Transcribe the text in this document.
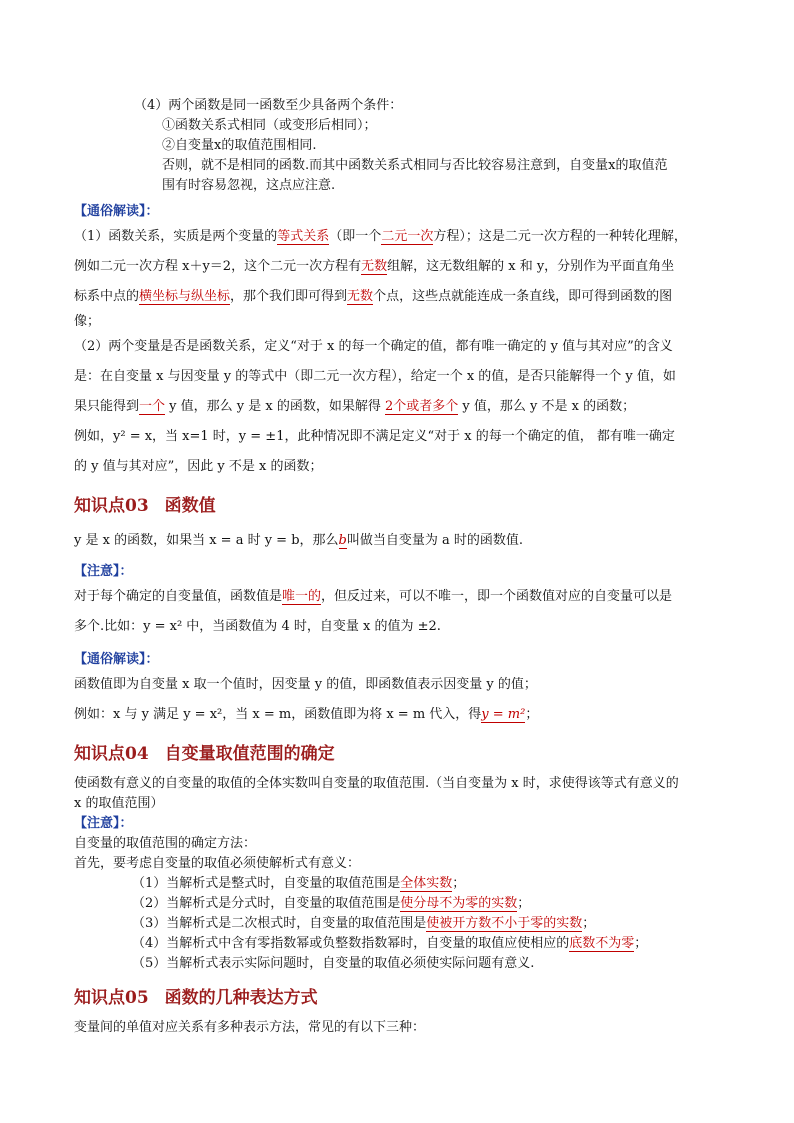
（4）两个函数是同一函数至少具备两个条件：
①函数关系式相同（或变形后相同）；
②自变量x的取值范围相同.
否则，就不是相同的函数.而其中函数关系式相同与否比较容易注意到，自变量x的取值范
围有时容易忽视，这点应注意.
【通俗解读】：
（1）函数关系，实质是两个变量的等式关系（即一个二元一次方程）；这是二元一次方程的一种转化理解，
例如二元一次方程 x＋y＝2，这个二元一次方程有无数组解，这无数组解的 x 和 y，分别作为平面直角坐
标系中点的横坐标与纵坐标，那个我们即可得到无数个点，这些点就能连成一条直线，即可得到函数的图
像；
（2）两个变量是否是函数关系，定义“对于 x 的每一个确定的值，都有唯一确定的 y 值与其对应”的含义
是：在自变量 x 与因变量 y 的等式中（即二元一次方程），给定一个 x 的值，是否只能解得一个 y 值，如
果只能得到一个 y 值，那么 y 是 x 的函数，如果解得 2个或者多个 y 值，那么 y 不是 x 的函数；
例如，y² = x，当 x=1 时，y = ±1，此种情况即不满足定义“对于 x 的每一个确定的值， 都有唯一确定
的 y 值与其对应”，因此 y 不是 x 的函数；
知识点03 函数值
y 是 x 的函数，如果当 x = a 时 y = b，那么b叫做当自变量为 a 时的函数值.
【注意】：
对于每个确定的自变量值，函数值是唯一的，但反过来，可以不唯一，即一个函数值对应的自变量可以是
多个.比如：y = x² 中，当函数值为 4 时，自变量 x 的值为 ±2.
【通俗解读】：
函数值即为自变量 x 取一个值时，因变量 y 的值，即函数值表示因变量 y 的值；
例如：x 与 y 满足 y = x²，当 x = m，函数值即为将 x = m 代入，得y = m²；
知识点04 自变量取值范围的确定
使函数有意义的自变量的取值的全体实数叫自变量的取值范围.（当自变量为 x 时，求使得该等式有意义的
x 的取值范围）
【注意】：
自变量的取值范围的确定方法：
首先，要考虑自变量的取值必须使解析式有意义：
（1）当解析式是整式时，自变量的取值范围是全体实数；
（2）当解析式是分式时，自变量的取值范围是使分母不为零的实数；
（3）当解析式是二次根式时，自变量的取值范围是使被开方数不小于零的实数；
（4）当解析式中含有零指数幂或负整数指数幂时，自变量的取值应使相应的底数不为零；
（5）当解析式表示实际问题时，自变量的取值必须使实际问题有意义.
知识点05 函数的几种表达方式
变量间的单值对应关系有多种表示方法，常见的有以下三种：
